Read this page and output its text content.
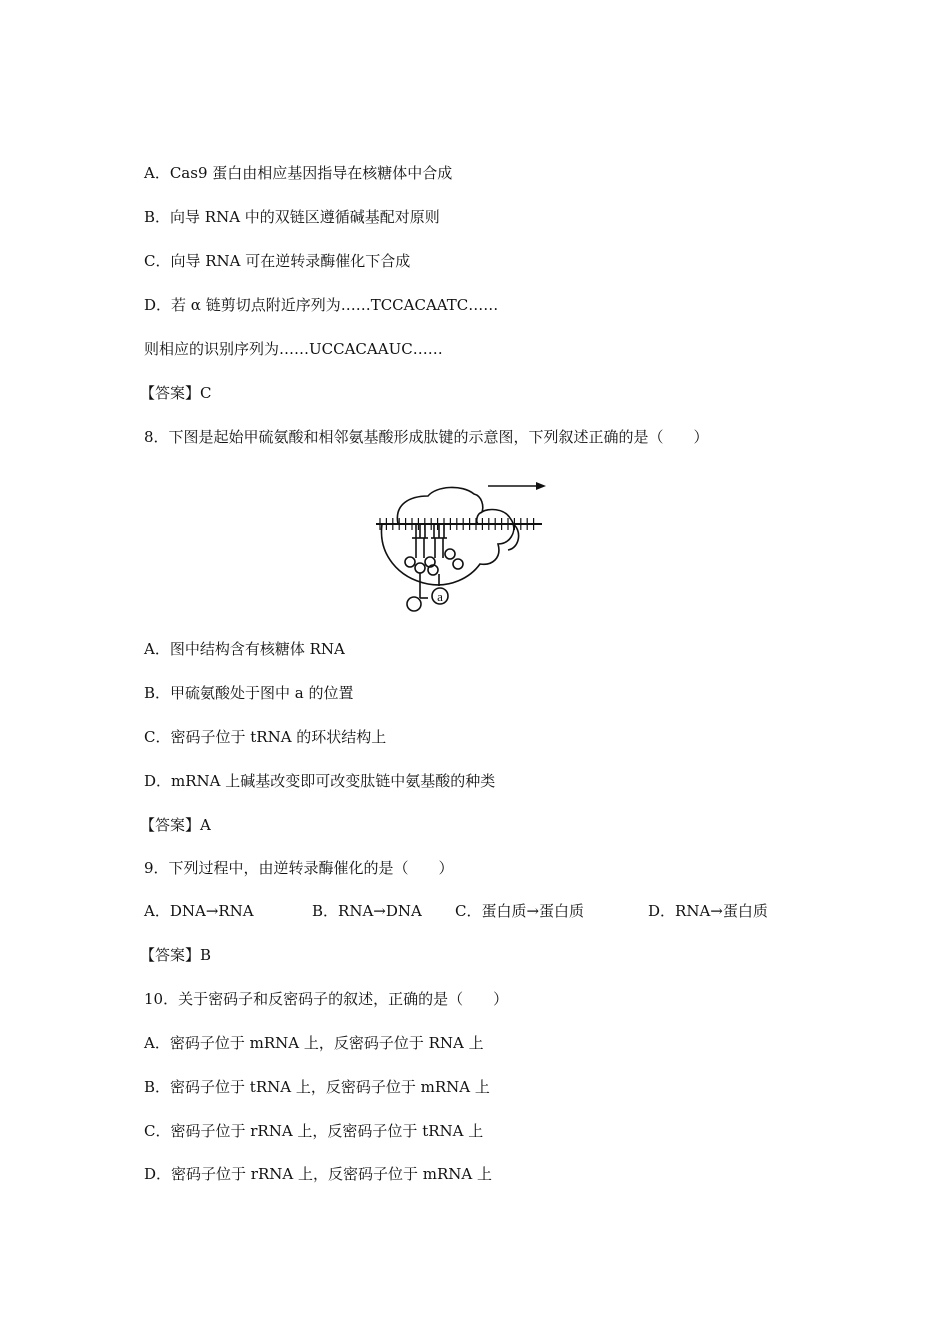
A．Cas9 蛋白由相应基因指导在核糖体中合成
B．向导 RNA 中的双链区遵循碱基配对原则
C．向导 RNA 可在逆转录酶催化下合成
D．若 α 链剪切点附近序列为……TCCACAATC……
则相应的识别序列为……UCCACAAUC……
【答案】C
8．下图是起始甲硫氨酸和相邻氨基酸形成肽键的示意图，下列叙述正确的是（　　）
a
A．图中结构含有核糖体 RNA
B．甲硫氨酸处于图中 a 的位置
C．密码子位于 tRNA 的环状结构上
D．mRNA 上碱基改变即可改变肽链中氨基酸的种类
【答案】A
9．下列过程中，由逆转录酶催化的是（　　）
A．DNA→RNA	B．RNA→DNA C．蛋白质→蛋白质	D．RNA→蛋白质
【答案】B
10．关于密码子和反密码子的叙述，正确的是（　　）
A．密码子位于 mRNA 上，反密码子位于 RNA 上
B．密码子位于 tRNA 上，反密码子位于 mRNA 上
C．密码子位于 rRNA 上，反密码子位于 tRNA 上
D．密码子位于 rRNA 上，反密码子位于 mRNA 上
